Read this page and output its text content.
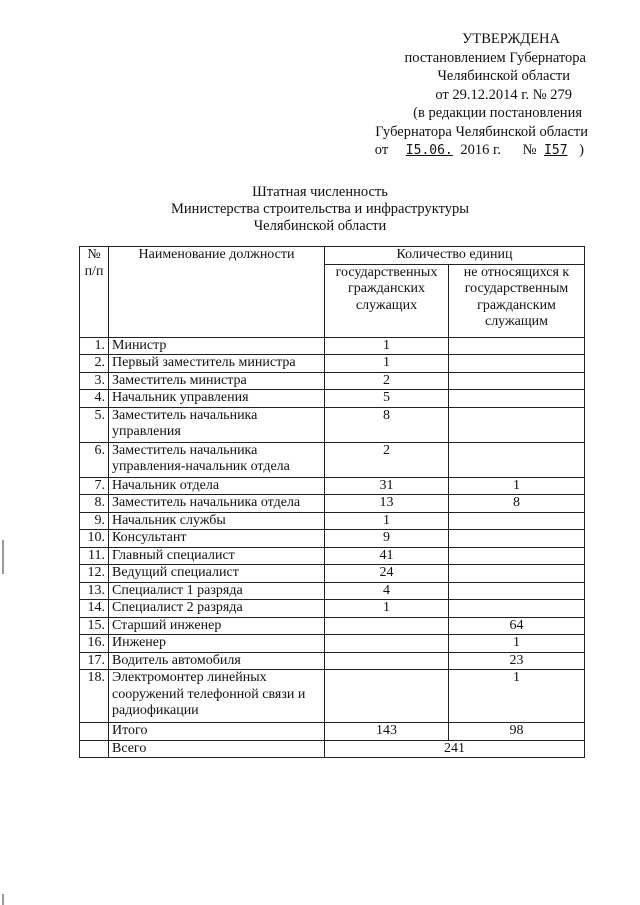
УТВЕРЖДЕНА
постановлением Губернатора
Челябинской области
от 29.12.2014 г. № 279
(в редакции постановления
Губернатора Челябинской области
от I5.06. 2016 г. № I57 )
Штатная численность
Министерства строительства и инфраструктуры
Челябинской области
№ п/п	Наименование должности	Количество единиц	
		государственных гражданских служащих	не относящихся к государственным гражданским служащим
1.	Министр	1	
2.	Первый заместитель министра	1	
3.	Заместитель министра	2	
4.	Начальник управления	5	
5.	Заместитель начальника управления	8	
6.	Заместитель начальника управления-начальник отдела	2	
7.	Начальник отдела	31	1
8.	Заместитель начальника отдела	13	8
9.	Начальник службы	1	
10.	Консультант	9	
11.	Главный специалист	41	
12.	Ведущий специалист	24	
13.	Специалист 1 разряда	4	
14.	Специалист 2 разряда	1	
15.	Старший инженер		64
16.	Инженер		1
17.	Водитель автомобиля		23
18.	Электромонтер линейных сооружений телефонной связи и радиофикации		1
	Итого	143	98
	Всего	241	
